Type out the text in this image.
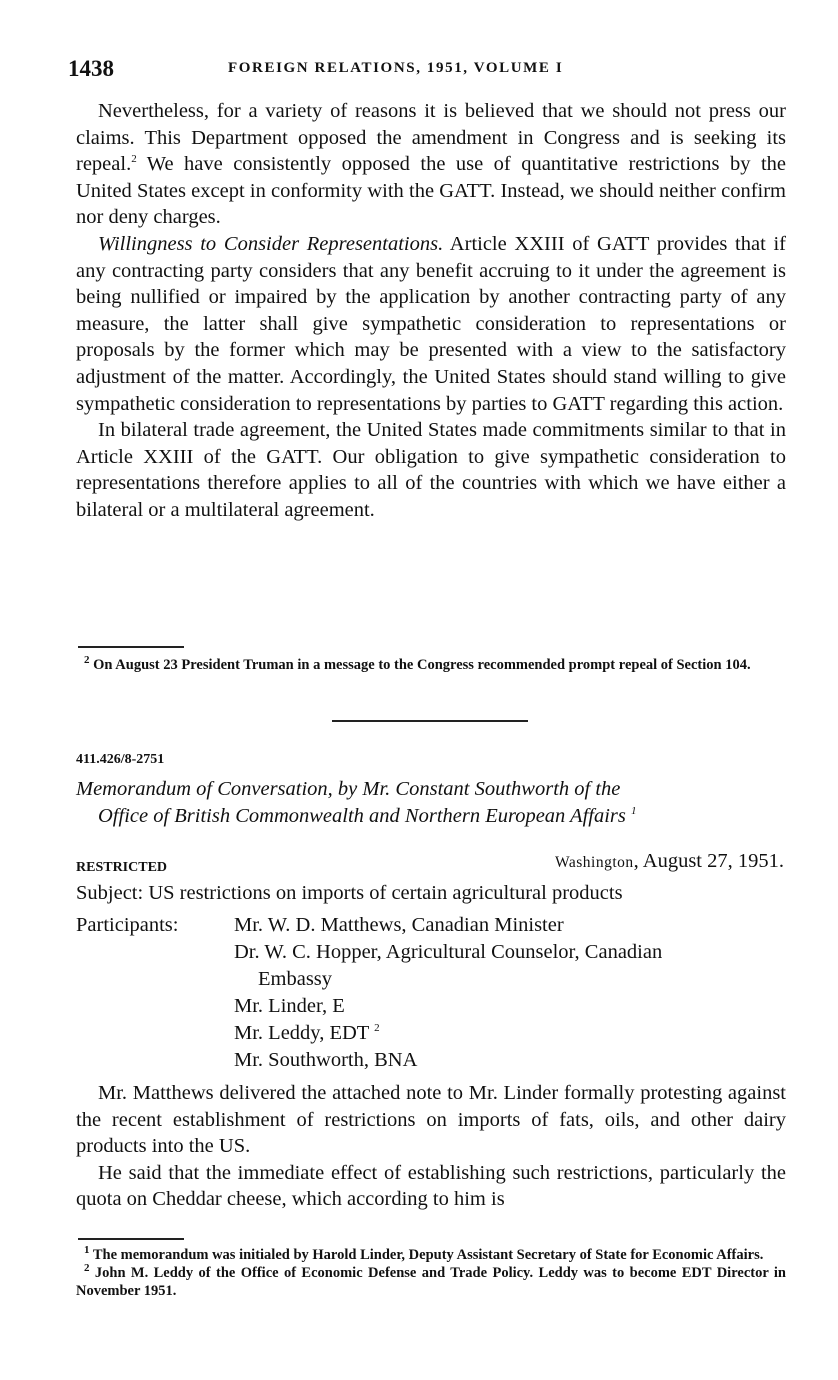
1438	FOREIGN RELATIONS, 1951, VOLUME I

Nevertheless, for a variety of reasons it is believed that we should not press our claims. This Department opposed the amendment in Congress and is seeking its repeal.$^2$ We have consistently opposed the use of quantitative restrictions by the United States except in conformity with the GATT. Instead, we should neither confirm nor deny charges.

Willingness to Consider Representations. Article XXIII of GATT provides that if any contracting party considers that any benefit accruing to it under the agreement is being nullified or impaired by the application by another contracting party of any measure, the latter shall give sympathetic consideration to representations or proposals by the former which may be presented with a view to the satisfactory adjustment of the matter. Accordingly, the United States should stand willing to give sympathetic consideration to representations by parties to GATT regarding this action.

In bilateral trade agreement, the United States made commitments similar to that in Article XXIII of the GATT. Our obligation to give sympathetic consideration to representations therefore applies to all of the countries with which we have either a bilateral or a multilateral agreement.

$^2$ On August 23 President Truman in a message to the Congress recommended prompt repeal of Section 104.

411.426/8-2751
Memorandum of Conversation, by Mr. Constant Southworth of the
Office of British Commonwealth and Northern European Affairs $^1$
RESTRICTED	Washington, August 27, 1951.
Subject: US restrictions on imports of certain agricultural products
Participants:	Mr. W. D. Matthews, Canadian Minister
Dr. W. C. Hopper, Agricultural Counselor, Canadian
Embassy
Mr. Linder, E
Mr. Leddy, EDT $^2$
Mr. Southworth, BNA

Mr. Matthews delivered the attached note to Mr. Linder formally protesting against the recent establishment of restrictions on imports of fats, oils, and other dairy products into the US.

He said that the immediate effect of establishing such restrictions, particularly the quota on Cheddar cheese, which according to him is

$^1$ The memorandum was initialed by Harold Linder, Deputy Assistant Secretary of State for Economic Affairs.

$^2$ John M. Leddy of the Office of Economic Defense and Trade Policy. Leddy was to become EDT Director in November 1951.
